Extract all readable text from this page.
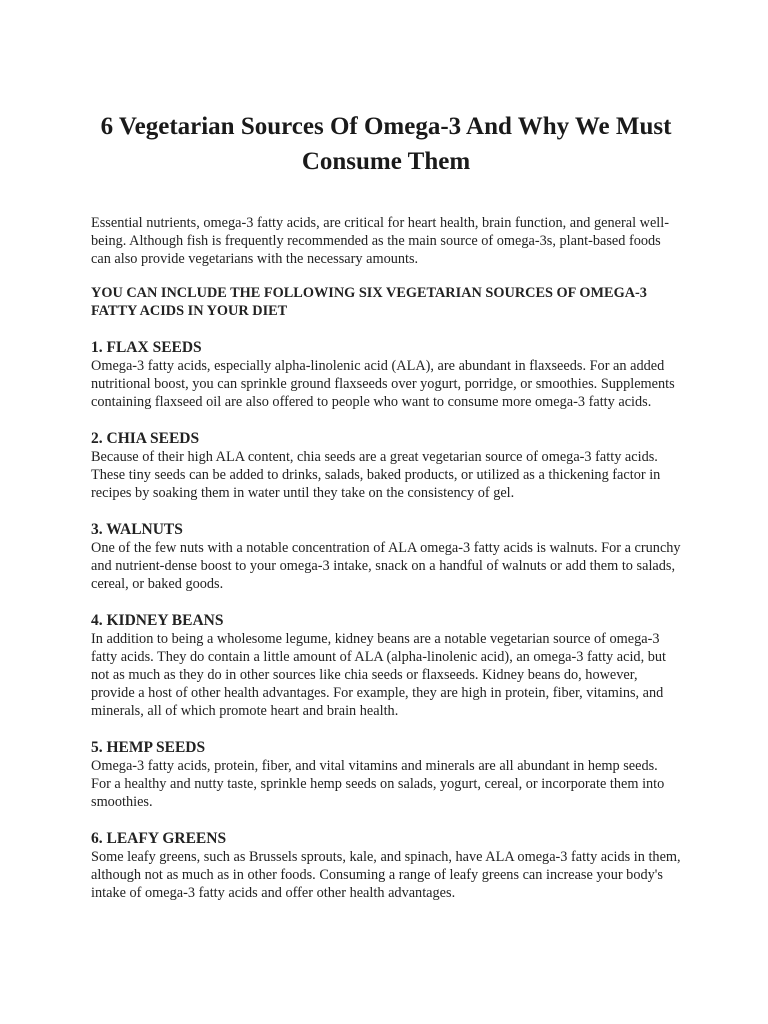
6 Vegetarian Sources Of Omega-3 And Why We Must Consume Them

Essential nutrients, omega-3 fatty acids, are critical for heart health, brain function, and general well-being. Although fish is frequently recommended as the main source of omega-3s, plant-based foods can also provide vegetarians with the necessary amounts.

YOU CAN INCLUDE THE FOLLOWING SIX VEGETARIAN SOURCES OF OMEGA-3 FATTY ACIDS IN YOUR DIET

1. FLAX SEEDS

Omega-3 fatty acids, especially alpha-linolenic acid (ALA), are abundant in flaxseeds. For an added nutritional boost, you can sprinkle ground flaxseeds over yogurt, porridge, or smoothies. Supplements containing flaxseed oil are also offered to people who want to consume more omega-3 fatty acids.

2. CHIA SEEDS

Because of their high ALA content, chia seeds are a great vegetarian source of omega-3 fatty acids. These tiny seeds can be added to drinks, salads, baked products, or utilized as a thickening factor in recipes by soaking them in water until they take on the consistency of gel.

3. WALNUTS

One of the few nuts with a notable concentration of ALA omega-3 fatty acids is walnuts. For a crunchy and nutrient-dense boost to your omega-3 intake, snack on a handful of walnuts or add them to salads, cereal, or baked goods.

4. KIDNEY BEANS

In addition to being a wholesome legume, kidney beans are a notable vegetarian source of omega-3 fatty acids. They do contain a little amount of ALA (alpha-linolenic acid), an omega-3 fatty acid, but not as much as they do in other sources like chia seeds or flaxseeds. Kidney beans do, however, provide a host of other health advantages. For example, they are high in protein, fiber, vitamins, and minerals, all of which promote heart and brain health.

5. HEMP SEEDS

Omega-3 fatty acids, protein, fiber, and vital vitamins and minerals are all abundant in hemp seeds. For a healthy and nutty taste, sprinkle hemp seeds on salads, yogurt, cereal, or incorporate them into smoothies.

6. LEAFY GREENS

Some leafy greens, such as Brussels sprouts, kale, and spinach, have ALA omega-3 fatty acids in them, although not as much as in other foods. Consuming a range of leafy greens can increase your body's intake of omega-3 fatty acids and offer other health advantages.
